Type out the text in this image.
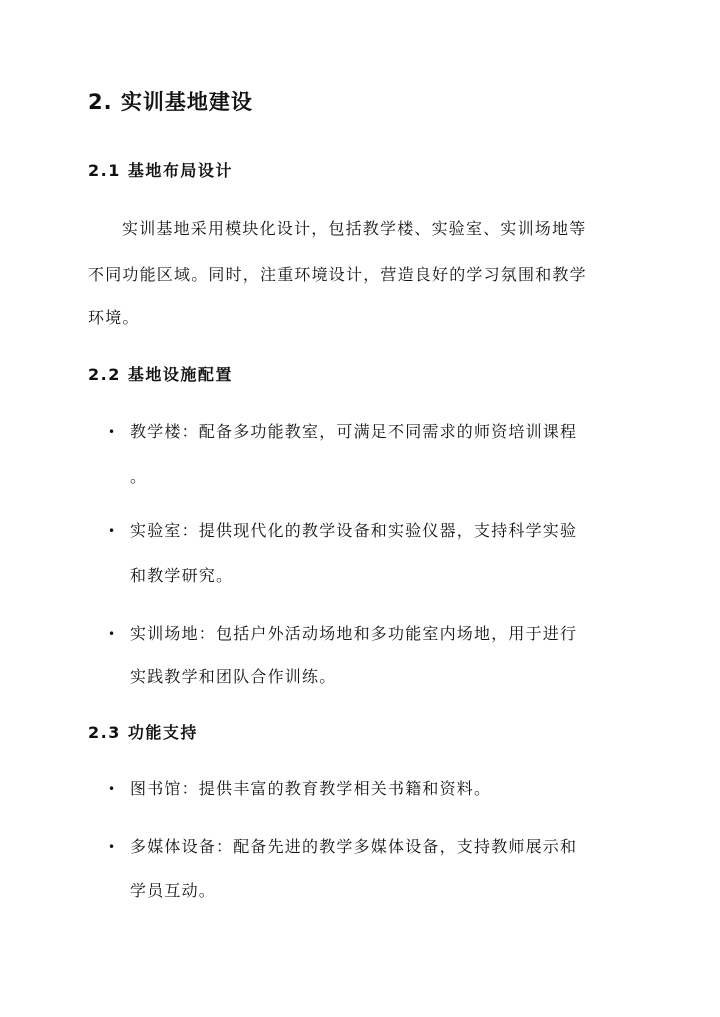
2. 实训基地建设
2.1 基地布局设计
实训基地采用模块化设计，包括教学楼、实验室、实训场地等
不同功能区域。同时，注重环境设计，营造良好的学习氛围和教学
环境。
2.2 基地设施配置
• 教学楼：配备多功能教室，可满足不同需求的师资培训课程
。
• 实验室：提供现代化的教学设备和实验仪器，支持科学实验
和教学研究。
• 实训场地：包括户外活动场地和多功能室内场地，用于进行
实践教学和团队合作训练。
2.3 功能支持
• 图书馆：提供丰富的教育教学相关书籍和资料。
• 多媒体设备：配备先进的教学多媒体设备，支持教师展示和
学员互动。
